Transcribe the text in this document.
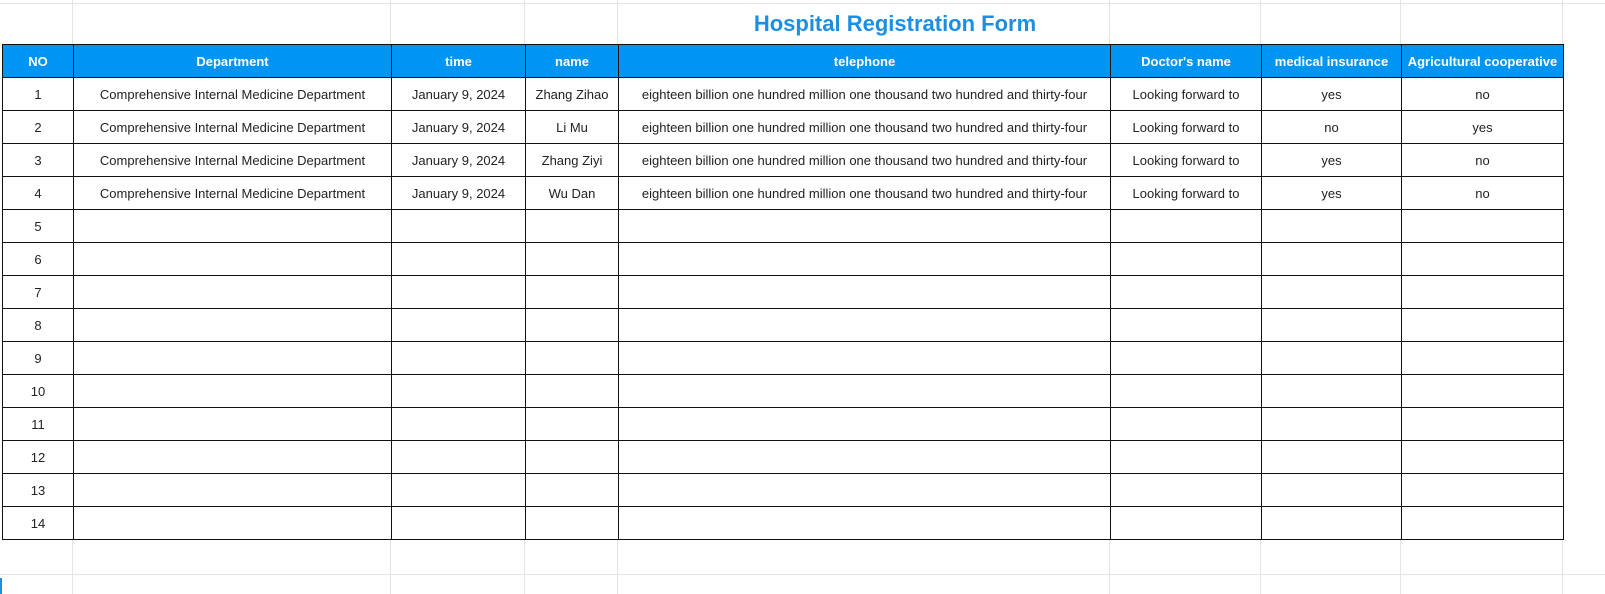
Hospital Registration Form
NO	Department	time	name	telephone	Doctor's name	medical insurance	Agricultural cooperative
1	Comprehensive Internal Medicine Department	January 9, 2024	Zhang Zihao	eighteen billion one hundred million one thousand two hundred and thirty-four	Looking forward to	yes	no
2	Comprehensive Internal Medicine Department	January 9, 2024	Li Mu	eighteen billion one hundred million one thousand two hundred and thirty-four	Looking forward to	no	yes
3	Comprehensive Internal Medicine Department	January 9, 2024	Zhang Ziyi	eighteen billion one hundred million one thousand two hundred and thirty-four	Looking forward to	yes	no
4	Comprehensive Internal Medicine Department	January 9, 2024	Wu Dan	eighteen billion one hundred million one thousand two hundred and thirty-four	Looking forward to	yes	no
5							
6							
7							
8							
9							
10							
11							
12							
13							
14							
